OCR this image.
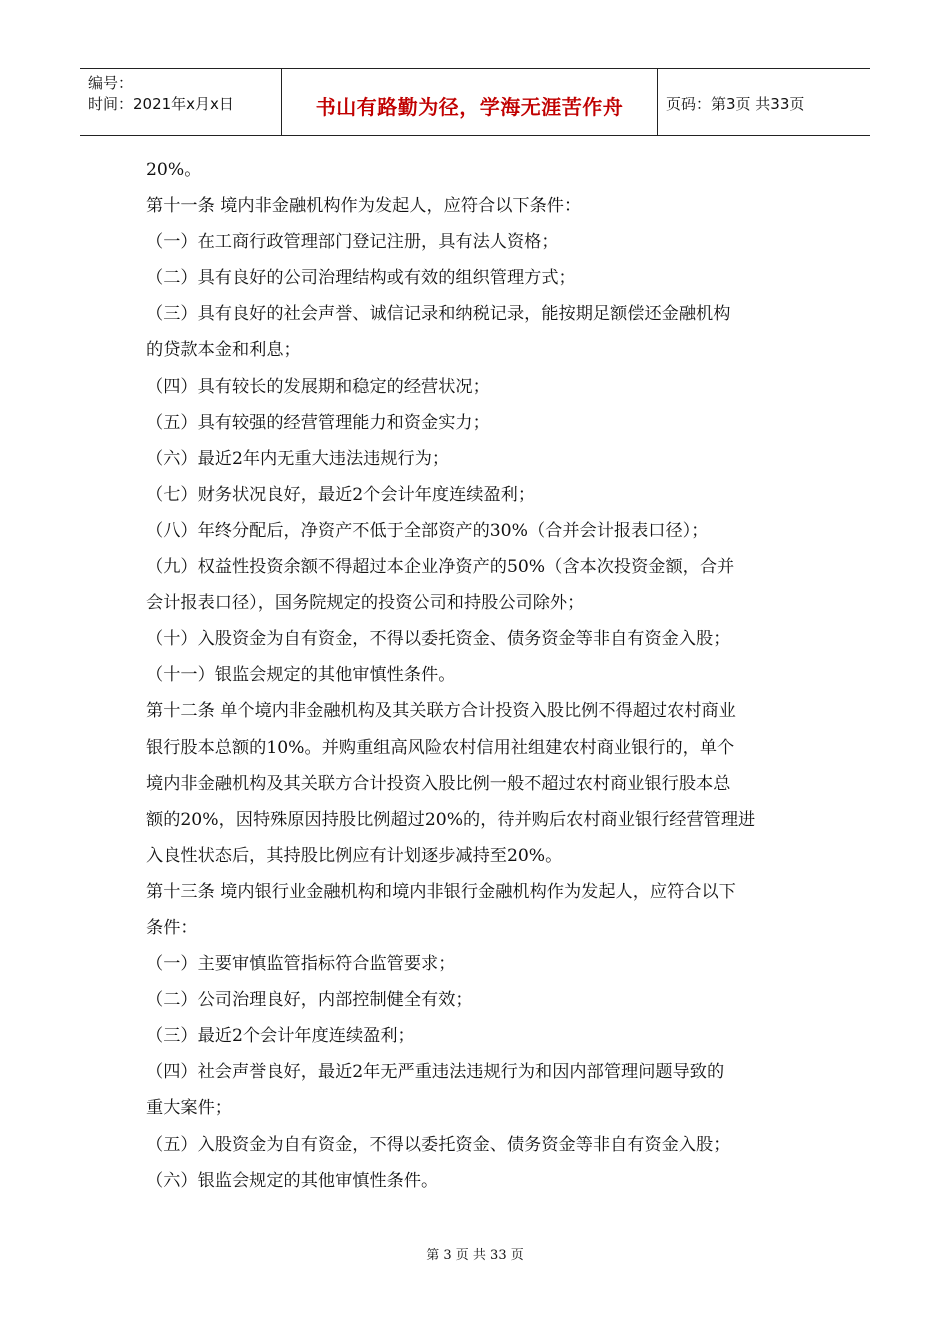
编号：
时间：2021年x月x日	书山有路勤为径，学海无涯苦作舟	页码：第3页 共33页

20%。

第十一条 境内非金融机构作为发起人，应符合以下条件：

（一）在工商行政管理部门登记注册，具有法人资格；

（二）具有良好的公司治理结构或有效的组织管理方式；

（三）具有良好的社会声誉、诚信记录和纳税记录，能按期足额偿还金融机构

的贷款本金和利息；

（四）具有较长的发展期和稳定的经营状况；

（五）具有较强的经营管理能力和资金实力；

（六）最近2年内无重大违法违规行为；

（七）财务状况良好，最近2个会计年度连续盈利；

（八）年终分配后，净资产不低于全部资产的30%（合并会计报表口径）；

（九）权益性投资余额不得超过本企业净资产的50%（含本次投资金额，合并

会计报表口径），国务院规定的投资公司和持股公司除外；

（十）入股资金为自有资金，不得以委托资金、债务资金等非自有资金入股；

（十一）银监会规定的其他审慎性条件。

第十二条 单个境内非金融机构及其关联方合计投资入股比例不得超过农村商业

银行股本总额的10%。并购重组高风险农村信用社组建农村商业银行的，单个

境内非金融机构及其关联方合计投资入股比例一般不超过农村商业银行股本总

额的20%，因特殊原因持股比例超过20%的，待并购后农村商业银行经营管理进

入良性状态后，其持股比例应有计划逐步减持至20%。

第十三条 境内银行业金融机构和境内非银行金融机构作为发起人，应符合以下

条件：

（一）主要审慎监管指标符合监管要求；

（二）公司治理良好，内部控制健全有效；

（三）最近2个会计年度连续盈利；

（四）社会声誉良好，最近2年无严重违法违规行为和因内部管理问题导致的

重大案件；

（五）入股资金为自有资金，不得以委托资金、债务资金等非自有资金入股；

（六）银监会规定的其他审慎性条件。

第 3 页 共 33 页
